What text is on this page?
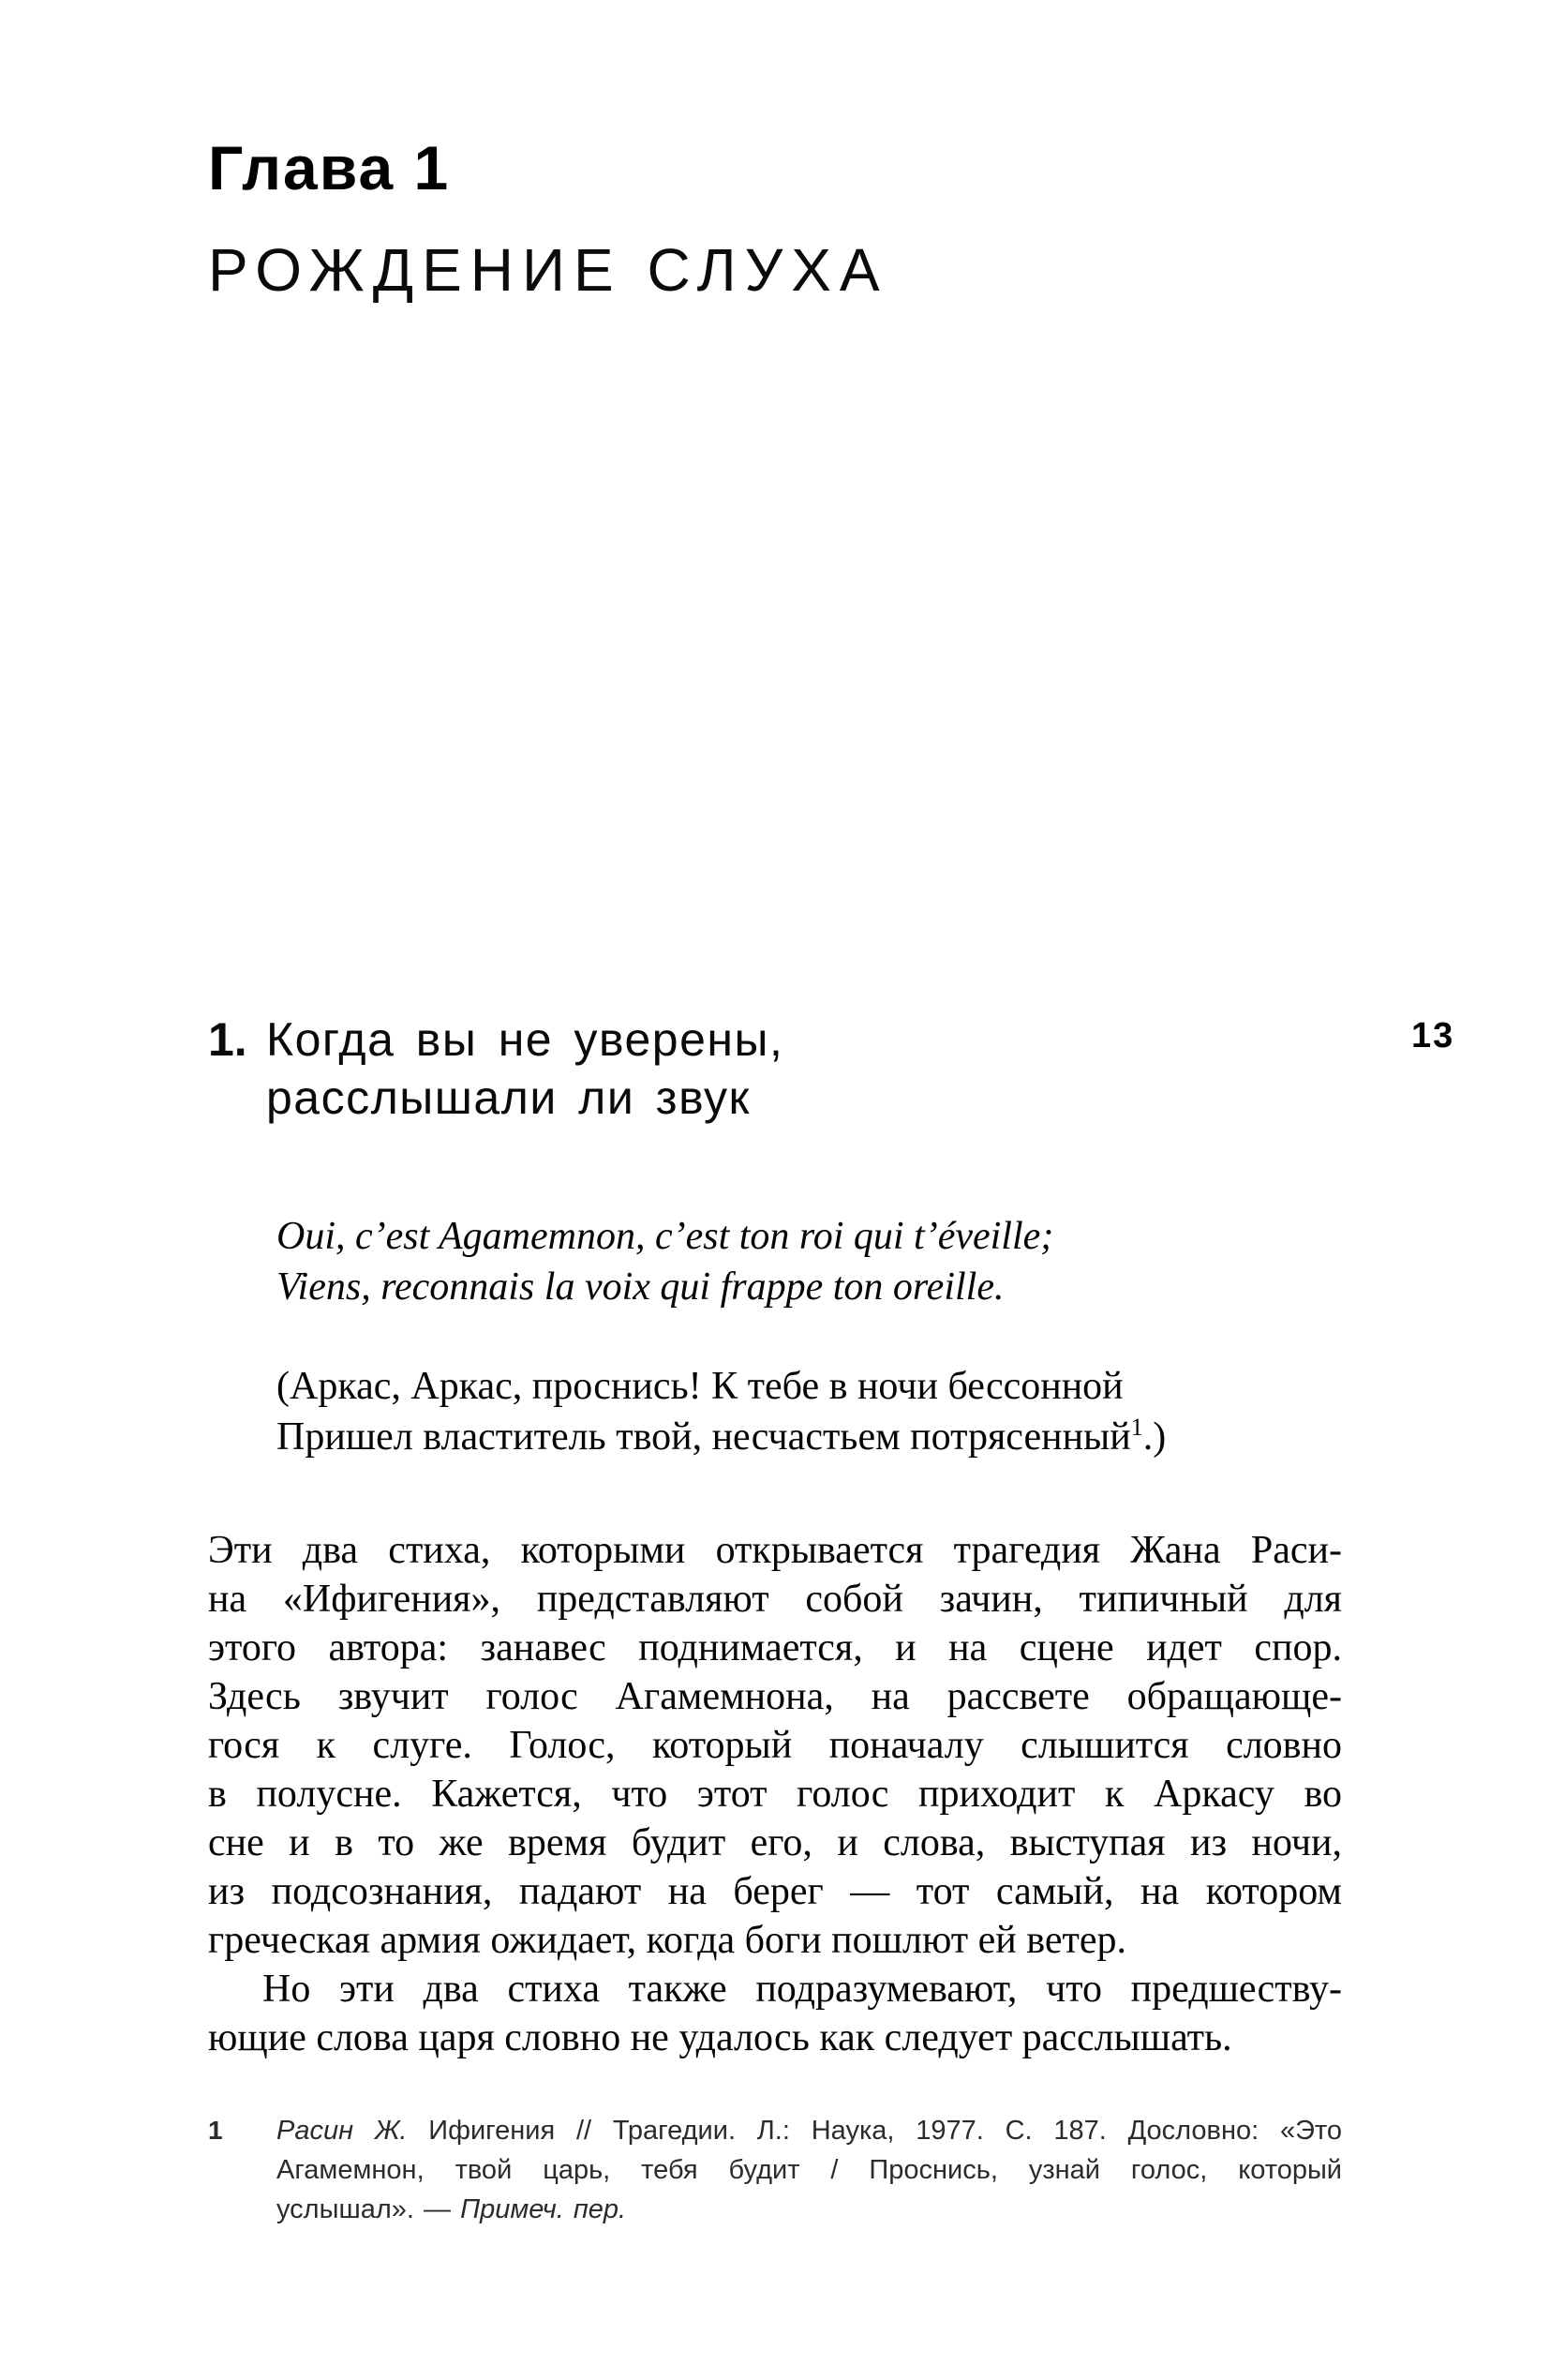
Глава 1
РОЖДЕНИЕ СЛУХА
13
1. Когда вы не уверены,
расслышали ли звук
Oui, c’est Agamemnon, c’est ton roi qui t’éveille;
Viens, reconnais la voix qui frappe ton oreille.
(Аркас, Аркас, проснись! К тебе в ночи бессонной
Пришел властитель твой, несчастьем потрясенный$^1$.)
Эти два стиха, которыми открывается трагедия Жана Раси-
на «Ифигения», представляют собой зачин, типичный для
этого автора: занавес поднимается, и на сцене идет спор.
Здесь звучит голос Агамемнона, на рассвете обращающе-
гося к слуге. Голос, который поначалу слышится словно
в полусне. Кажется, что этот голос приходит к Аркасу во
сне и в то же время будит его, и слова, выступая из ночи,
из подсознания, падают на берег — тот самый, на котором
греческая армия ожидает, когда боги пошлют ей ветер.
Но эти два стиха также подразумевают, что предшеству-
ющие слова царя словно не удалось как следует расслышать.
1	Расин Ж. Ифигения // Трагедии. Л.: Наука, 1977. С. 187. Дословно: «Это
Агамемнон, твой царь, тебя будит / Проснись, узнай голос, который
услышал». — Примеч. пер.
